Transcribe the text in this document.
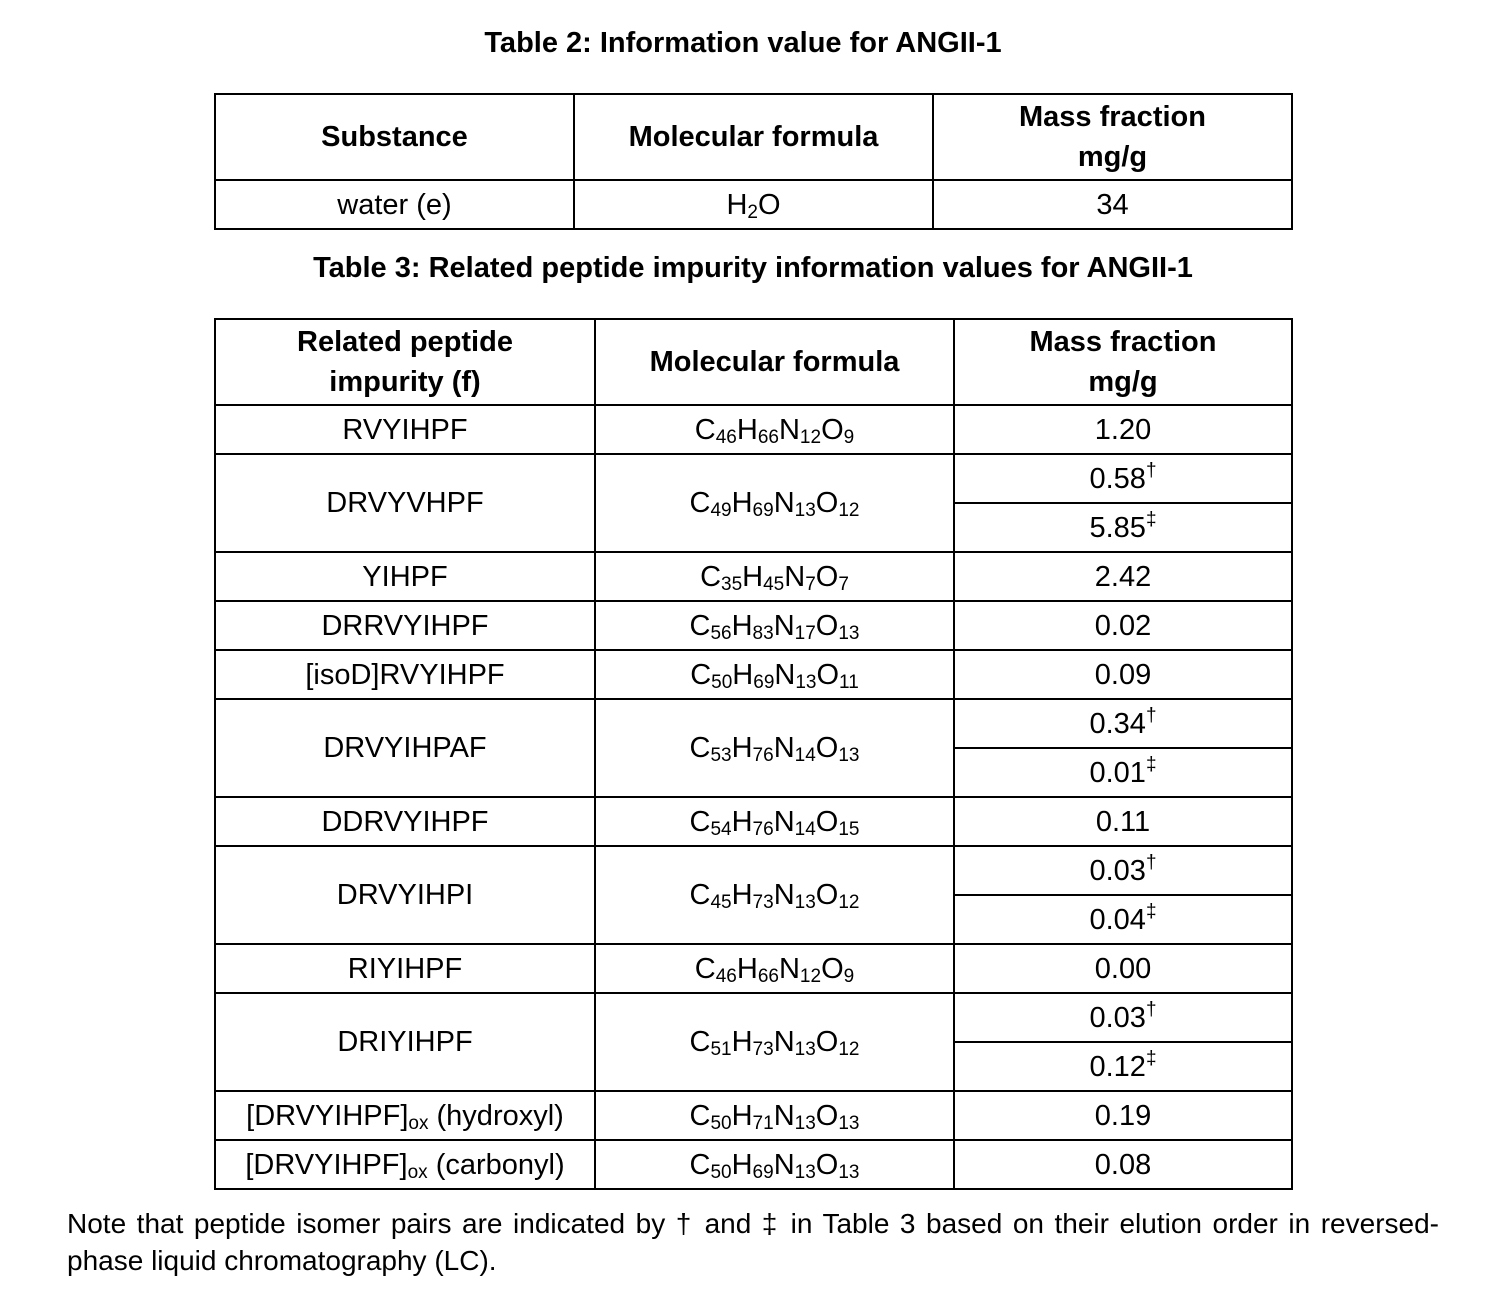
Table 2: Information value for ANGII-1
Substance	Molecular formula	Mass fraction
mg/g
water (e)	$H_2O$	34
Table 3: Related peptide impurity information values for ANGII-1
Related peptide
impurity (f)	Molecular formula	Mass fraction
mg/g
RVYIHPF	$C_{46}H_{66}N_{12}O_9$	1.20
DRVYVHPF	$C_{49}H_{69}N_{13}O_{12}$	0.58†
		5.85‡
YIHPF	$C_{35}H_{45}N_7O_7$	2.42
DRRVYIHPF	$C_{56}H_{83}N_{17}O_{13}$	0.02
[isoD]RVYIHPF	$C_{50}H_{69}N_{13}O_{11}$	0.09
DRVYIHPAF	$C_{53}H_{76}N_{14}O_{13}$	0.34†
		0.01‡
DDRVYIHPF	$C_{54}H_{76}N_{14}O_{15}$	0.11
DRVYIHPI	$C_{45}H_{73}N_{13}O_{12}$	0.03†
		0.04‡
RIYIHPF	$C_{46}H_{66}N_{12}O_9$	0.00
DRIYIHPF	$C_{51}H_{73}N_{13}O_{12}$	0.03†
		0.12‡
$[DRVYIHPF]_{ox}$ (hydroxyl)	$C_{50}H_{71}N_{13}O_{13}$	0.19
$[DRVYIHPF]_{ox}$ (carbonyl)	$C_{50}H_{69}N_{13}O_{13}$	0.08
Note that peptide isomer pairs are indicated by † and ‡ in Table 3 based on their elution order in reversed-phase liquid chromatography (LC).
